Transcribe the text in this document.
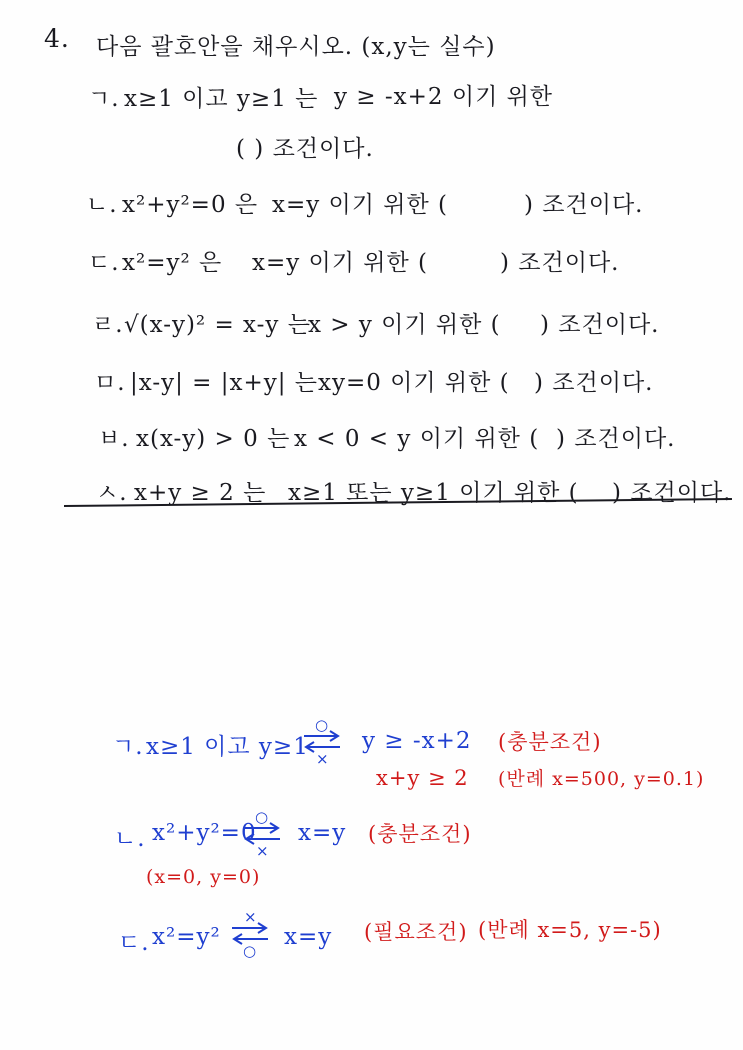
4. 다음 괄호안을 채우시오. (x,y는 실수)
ㄱ. x≥1 이고 y≥1 는 y ≥ -x+2 이기 위한
( ) 조건이다.
ㄴ. x²+y²=0 은 x=y 이기 위한 (	) 조건이다.
ㄷ. x²=y² 은 x=y 이기 위한 (	) 조건이다.
ㄹ. √(x-y)² = x-y 는
x > y 이기 위한 ( ) 조건이다.
ㅁ. |x-y| = |x+y| 는 xy=0 이기 위한 ( ) 조건이다.
ㅂ. x(x-y) > 0 는 x < 0 < y 이기 위한 ( ) 조건이다.
ㅅ. x+y ≥ 2 는 x≥1 또는 y≥1 이기 위한 ( ) 조건이다.
ㄱ. x≥1 이고 y≥1
○
×
y ≥ -x+2 (충분조건)
x+y ≥ 2 (반례 x=500, y=0.1)
ㄴ. x²+y²=0
○
×
x=y (충분조건)
(x=0, y=0)
ㄷ. x²=y²
×
○
x=y (필요조건) (반례 x=5, y=-5)
